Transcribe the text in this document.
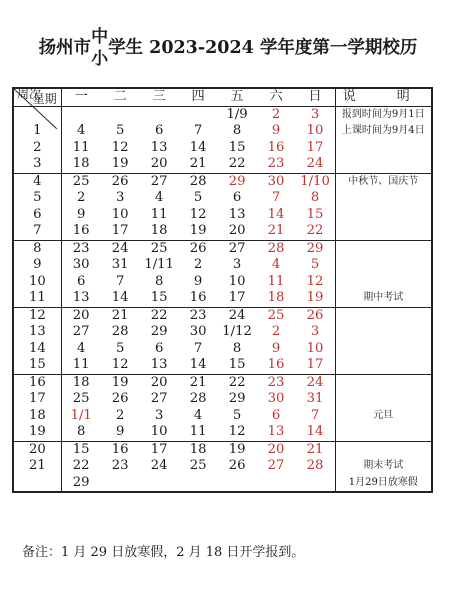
扬州市
中
小
学生 2023-2024 学年度第一学期校历
星期
周次	一	二	三	四	五	六	日	说　明
					1/9	2	3	报到时间为9月1日
1	4	5	6	7	8	9	10	上课时间为9月4日
2	11	12	13	14	15	16	17	
3	18	19	20	21	22	23	24	
4	25	26	27	28	29	30	1/10	中秋节、国庆节
5	2	3	4	5	6	7	8	
6	9	10	11	12	13	14	15	
7	16	17	18	19	20	21	22	
8	23	24	25	26	27	28	29	
9	30	31	1/11	2	3	4	5	
10	6	7	8	9	10	11	12	
11	13	14	15	16	17	18	19	期中考试
12	20	21	22	23	24	25	26	
13	27	28	29	30	1/12	2	3	
14	4	5	6	7	8	9	10	
15	11	12	13	14	15	16	17	
16	18	19	20	21	22	23	24	
17	25	26	27	28	29	30	31	
18	1/1	2	3	4	5	6	7	元旦
19	8	9	10	11	12	13	14	
20	15	16	17	18	19	20	21	
21	22	23	24	25	26	27	28	期末考试
	29							1月29日放寒假
备注：1 月 29 日放寒假，2 月 18 日开学报到。
